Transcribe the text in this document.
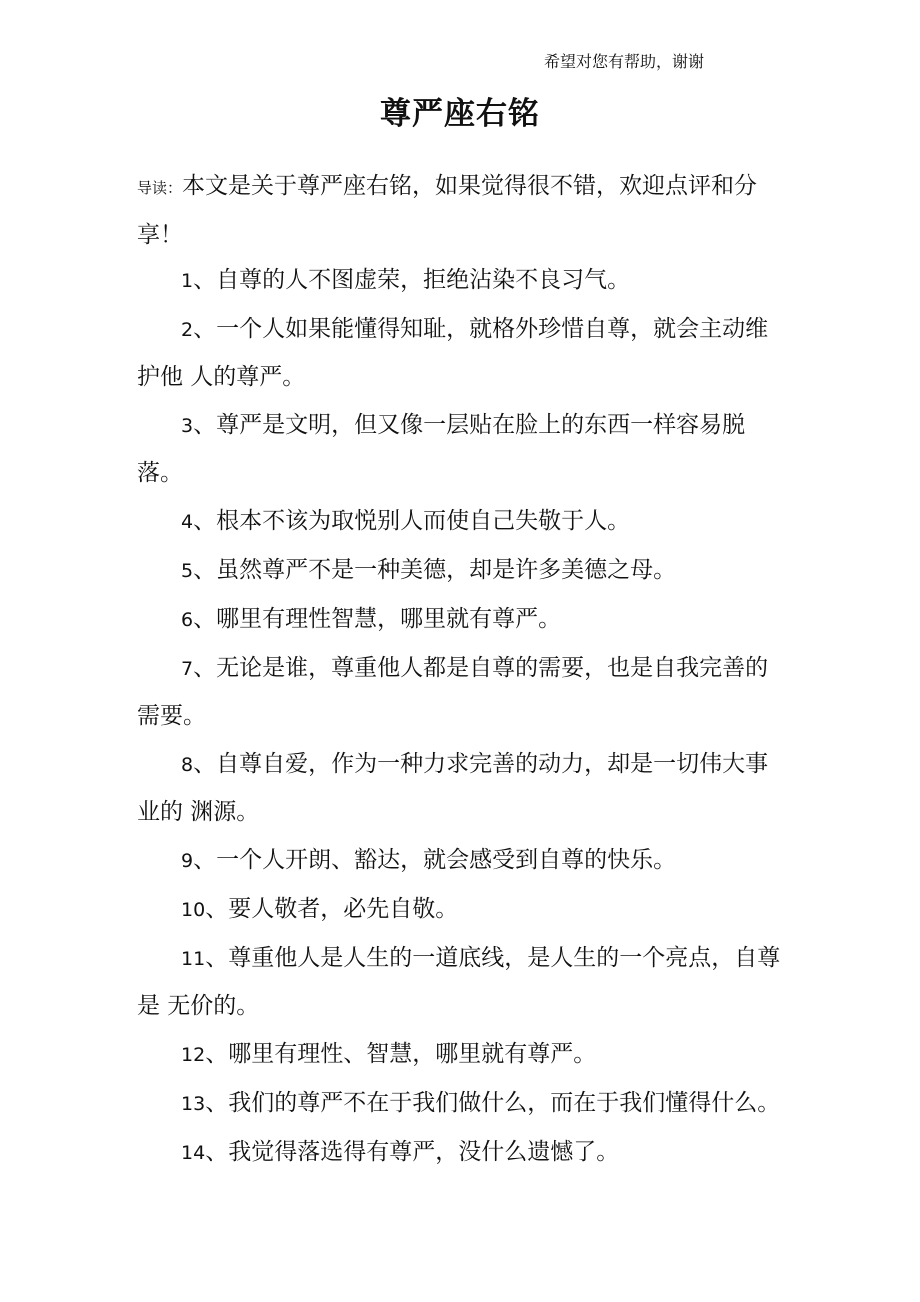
希望对您有帮助，谢谢
尊严座右铭
导读：本文是关于尊严座右铭，如果觉得很不错，欢迎点评和分享！
1、自尊的人不图虚荣，拒绝沾染不良习气。
2、一个人如果能懂得知耻，就格外珍惜自尊，就会主动维护他 人的尊严。
3、尊严是文明，但又像一层贴在脸上的东西一样容易脱落。
4、根本不该为取悦别人而使自己失敬于人。
5、虽然尊严不是一种美德，却是许多美德之母。
6、哪里有理性智慧，哪里就有尊严。
7、无论是谁，尊重他人都是自尊的需要，也是自我完善的需要。
8、自尊自爱，作为一种力求完善的动力，却是一切伟大事业的 渊源。
9、一个人开朗、豁达，就会感受到自尊的快乐。
10、要人敬者，必先自敬。
11、尊重他人是人生的一道底线，是人生的一个亮点，自尊是 无价的。
12、哪里有理性、智慧，哪里就有尊严。
13、我们的尊严不在于我们做什么，而在于我们懂得什么。
14、我觉得落选得有尊严，没什么遗憾了。
